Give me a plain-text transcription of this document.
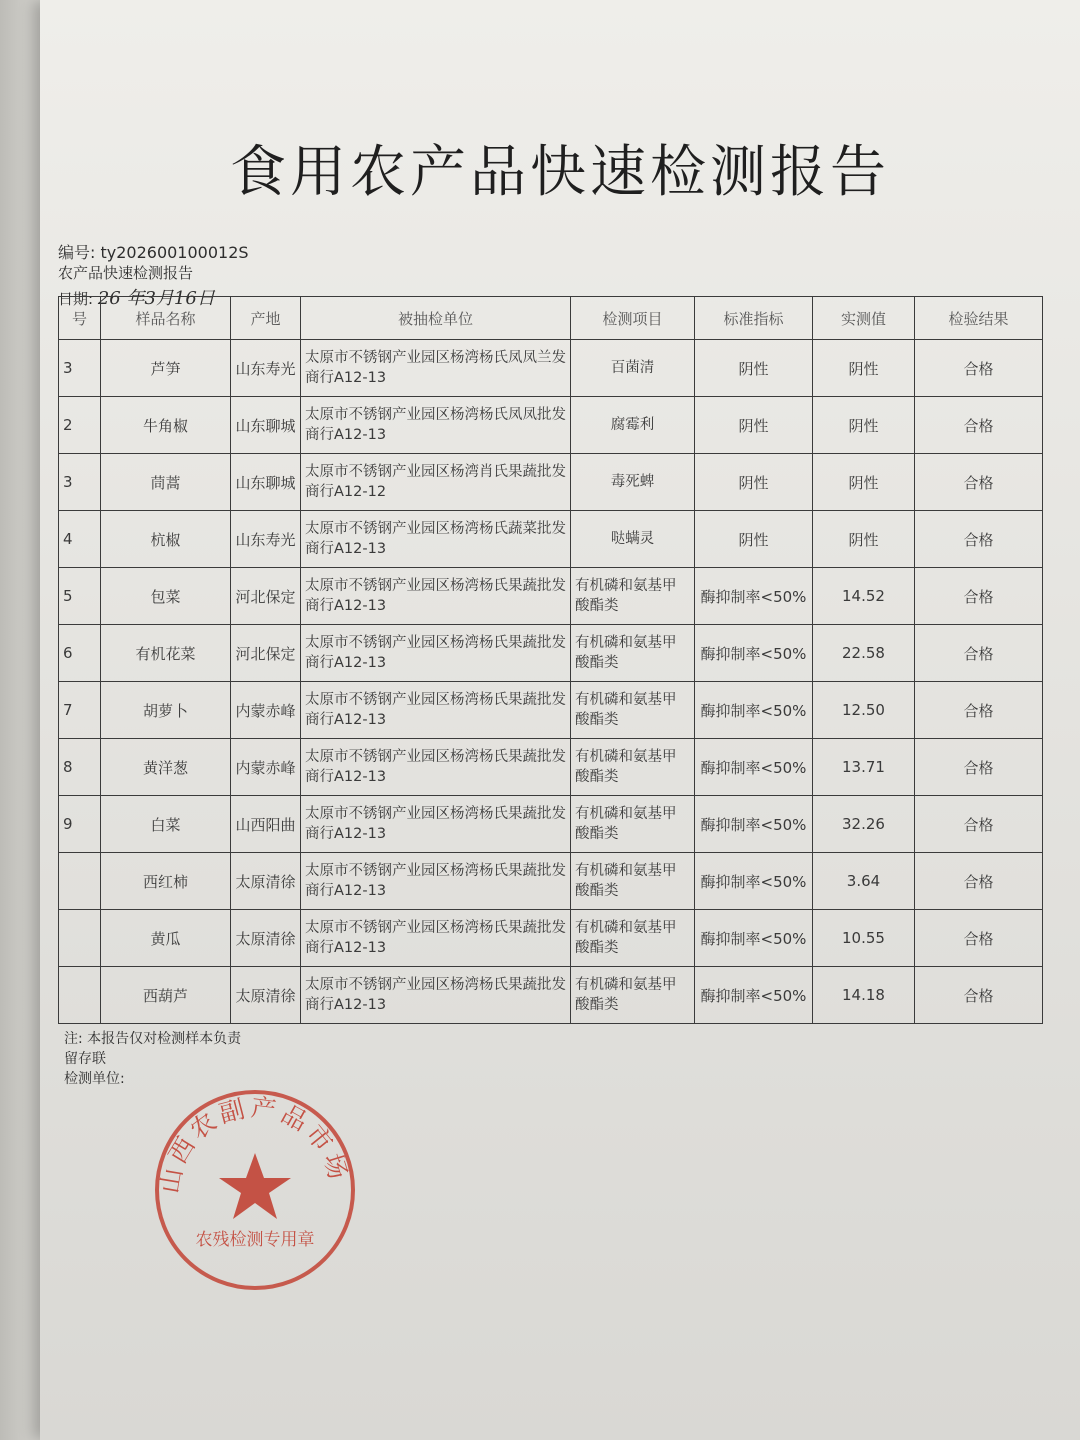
食用农产品快速检测报告
编号: ty202600100012S
农产品快速检测报告
日期: 26 年3月16日
号	样品名称	产地	被抽检单位	检测项目	标准指标	实测值	检验结果
3	芦笋	山东寿光	太原市不锈钢产业园区杨湾杨氏凤凤兰发商行A12-13	百菌清	阴性	阴性	合格
2	牛角椒	山东聊城	太原市不锈钢产业园区杨湾杨氏凤凤批发商行A12-13	腐霉利	阴性	阴性	合格
3	茼蒿	山东聊城	太原市不锈钢产业园区杨湾肖氏果蔬批发商行A12-12	毒死蜱	阴性	阴性	合格
4	杭椒	山东寿光	太原市不锈钢产业园区杨湾杨氏蔬菜批发商行A12-13	哒螨灵	阴性	阴性	合格
5	包菜	河北保定	太原市不锈钢产业园区杨湾杨氏果蔬批发商行A12-13	有机磷和氨基甲酸酯类	酶抑制率<50%	14.52	合格
6	有机花菜	河北保定	太原市不锈钢产业园区杨湾杨氏果蔬批发商行A12-13	有机磷和氨基甲酸酯类	酶抑制率<50%	22.58	合格
7	胡萝卜	内蒙赤峰	太原市不锈钢产业园区杨湾杨氏果蔬批发商行A12-13	有机磷和氨基甲酸酯类	酶抑制率<50%	12.50	合格
8	黄洋葱	内蒙赤峰	太原市不锈钢产业园区杨湾杨氏果蔬批发商行A12-13	有机磷和氨基甲酸酯类	酶抑制率<50%	13.71	合格
9	白菜	山西阳曲	太原市不锈钢产业园区杨湾杨氏果蔬批发商行A12-13	有机磷和氨基甲酸酯类	酶抑制率<50%	32.26	合格
	西红柿	太原清徐	太原市不锈钢产业园区杨湾杨氏果蔬批发商行A12-13	有机磷和氨基甲酸酯类	酶抑制率<50%	3.64	合格
	黄瓜	太原清徐	太原市不锈钢产业园区杨湾杨氏果蔬批发商行A12-13	有机磷和氨基甲酸酯类	酶抑制率<50%	10.55	合格
	西葫芦	太原清徐	太原市不锈钢产业园区杨湾杨氏果蔬批发商行A12-13	有机磷和氨基甲酸酯类	酶抑制率<50%	14.18	合格
注: 本报告仅对检测样本负责
留存联
检测单位:
山西农副产品市场
农残检测专用章
